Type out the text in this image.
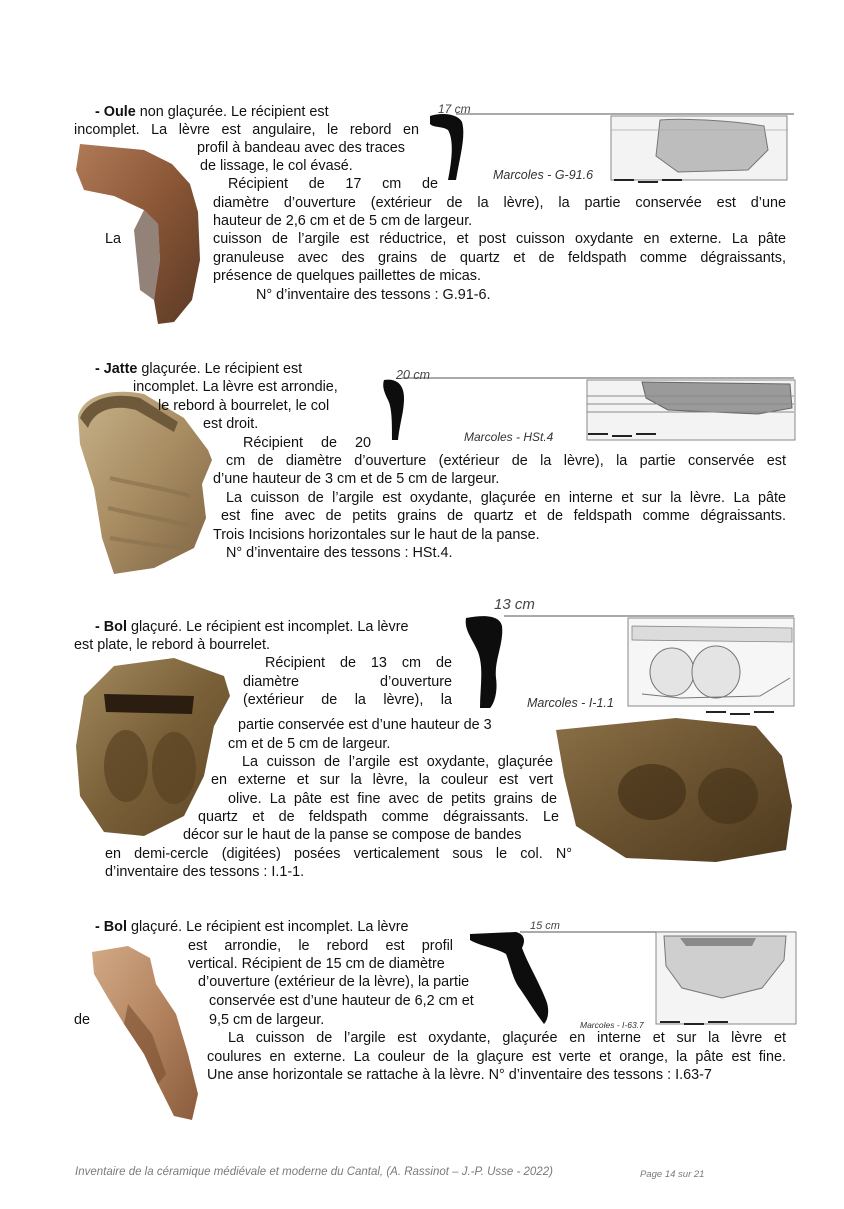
17 cm
Marcoles - G-91.6
- Oule non glaçurée. Le récipient est
incomplet. La lèvre est angulaire, le rebord en
profil à bandeau avec des traces
de lissage, le col évasé.
Récipient de 17 cm de
diamètre d’ouverture (extérieur de la lèvre), la partie conservée est d’une
hauteur de 2,6 cm et de 5 cm de largeur.
La	cuisson de l’argile est réductrice, et post cuisson oxydante en externe. La pâte
granuleuse avec des grains de quartz et de feldspath comme dégraissants,
présence de quelques paillettes de micas.
N° d’inventaire des tessons : G.91-6.
20 cm
Marcoles - HSt.4
- Jatte glaçurée. Le récipient est
incomplet. La lèvre est arrondie,
le rebord à bourrelet, le col
est droit.
Récipient de 20
cm de diamètre d’ouverture (extérieur de la lèvre), la partie conservée est
d’une hauteur de 3 cm et de 5 cm de largeur.
La cuisson de l’argile est oxydante, glaçurée en interne et sur la lèvre. La pâte
est fine avec de petits grains de quartz et de feldspath comme dégraissants.
Trois Incisions horizontales sur le haut de la panse.
N° d’inventaire des tessons : HSt.4.
13 cm
Marcoles - I-1.1
- Bol glaçuré. Le récipient est incomplet. La lèvre
est plate, le rebord à bourrelet.
Récipient de 13 cm de
diamètre d’ouverture
(extérieur de la lèvre), la
partie conservée est d’une hauteur de 3
cm et de 5 cm de largeur.
La cuisson de l’argile est oxydante, glaçurée
en externe et sur la lèvre, la couleur est vert
olive. La pâte est fine avec de petits grains de
quartz et de feldspath comme dégraissants. Le
décor sur le haut de la panse se compose de bandes
en demi-cercle (digitées) posées verticalement sous le col. N°
d’inventaire des tessons : I.1-1.
15 cm
Marcoles - I-63.7
- Bol glaçuré. Le récipient est incomplet. La lèvre
est arrondie, le rebord est profil
vertical. Récipient de 15 cm de diamètre
d’ouverture (extérieur de la lèvre), la partie
conservée est d’une hauteur de 6,2 cm et
de	9,5 cm de largeur.
La cuisson de l’argile est oxydante, glaçurée en interne et sur la lèvre et
coulures en externe. La couleur de la glaçure est verte et orange, la pâte est fine.
Une anse horizontale se rattache à la lèvre. N° d’inventaire des tessons : I.63-7
Inventaire de la céramique médiévale et moderne du Cantal, (A. Rassinot – J.-P. Usse - 2022)	Page 14 sur 21
